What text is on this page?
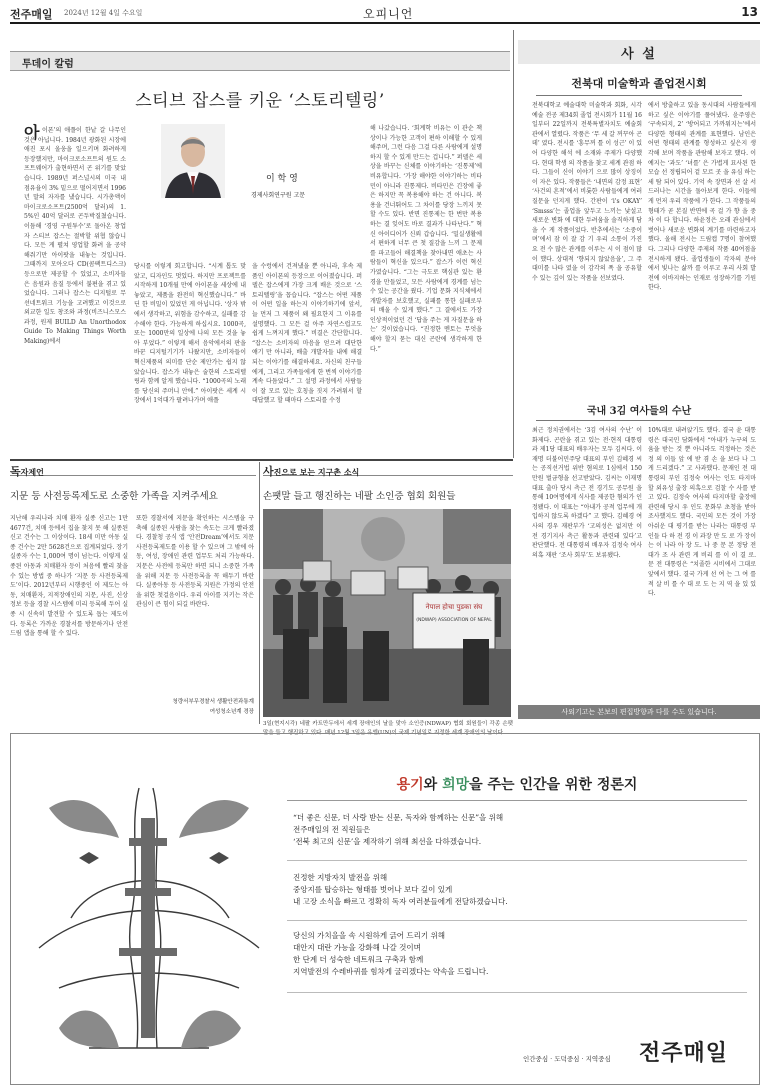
전주매일 2024년 12월 4일 수요일	오피니언	13
투데이 칼럼
스티브 잡스를 키운 ‘스토리텔링’
아 이폰’의 애플이 한낱 갈 나무인 것은 아닙니다. 1984년 광화된 시장에 애진 포시 올웅을 일으키며 화려하게 등장했지만, 마이크로소프트의 원도 소프트웨어가 출현하면서 곤 위기를 맞았습니다. 1989년 퍼스널시의 미국 내 점유율이 3% 밑으로 떨어지면서 1996년 말의 자자를 냈습니다. 시가총액이 마이크로소프트(2500억 달러)의 1.5%인 40억 달러로 곤두박질쳤습니다. 이듬해 ‘경영 구원투수’로 돌아온 창업자 스티브 잡스는 절박할 위협 않습니다. 모든 게 펼쳐 영업할 화려 을 공약해줘기만 아이팟을 내놓는 것입니다. 그때까지 모아오다 CD(콤팩트디스크) 등으로만 제공할 수 있었고, 소비자들은 음원과 음질 등에서 불편을 겪고 있었습니다. 그러나 잡스는 디지털로 무선네트워크 기능을 고려했고 이것으로 외교한 일도 창조와 과정(비즈니스모스 과정, 원제 BUILD An Unorthodox Guide To Making Things Worth Making)에서
이 학 영
경제사회연구원 고문
당시를 이렇게 회고합니다. “시계 톱도 맞았고, 디자인도 멋있다. 하지만 프로젝트를 시작하게 10개월 만에 아이폰을 세상에 내놓았고, 제품을 완전히 혁신했습니다.” 바딘 한 비밀이 있었던 게 아닙니다. ‘상자 밖에서 생각하고, 위험을 감수하고, 실패를 감수해야 한다. 가능하게 하십시요. 1000곡, 또는 1000만의 일상에 나의 모든 것을 놓아 부었다.” 이렇게 해서 음악에서의 판을 바꾼 디지털기기가 나왔지만, 소비자들이 혁신제품의 의미를 단순 제안가는 쉽지 않았습니다. 잡스가 내놓은 술한의 스토리텔링과 함께 알게 했습니다. “1000곡의 노래를 당신의 주머니 안에.” 아이팟은 세계 시장에서 1억대가 팔려나가며 애플
을 수렁에서 건져냈을 뿐 아니라, 후속 제품인 아이폰의 등장으로 이어졌습니다. 퍼델은 잡스에게 가장 크게 배운 것으로 ‘스토리텔링’을 꼽습니다. “잡스는 어떤 제품이 어떤 일을 하는지 이야기하기에 앞서, 늘 먼저 그 제품이 왜 필요한지 그 이유를 설명했다. 그 모든 걸 아주 자연스럽고도 쉽게 느껴지게 했다.” 비결은 간단합니다. “잡스는 소비자의 마음을 얻으려 대단한 얘기 만 아니라, 배출 개발자들 내에 해결 되는 이야기를 해결하세요. 자신의 친구들에게, 그리고 가족들에게 한 번씩 이야기를 계속 다듬었다.” 그 설명 과정에서 사람들이 잘 모르 있는 호칭을 짓지 가려워서 할 대답했고 할 때마다 스토리를 수정
해 나갔습니다. ‘회계학 비유는 이 관순 책상이나 가능한 고객이 편하 이해할 수 있게 해주며, 그런 다음 그걸 다른 사람에게 설명하지 할 수 있게 만드는 겁니다.” 퍼델은 세상을 바꾸는 신체를 이야기하는 ‘진통제’에 비유합니다. ‘가장 해야한 이야기하는 비타민이 아니라 진통제다. 비타민은 긴장에 좋은 하지만 꼭 복용해야 하는 건 아니다. 복용을 건너뛰어도 그 차이를 당장 느끼지 못할 수도 있다. 반면 진통제는 한 번만 복용하는 결 잊어도 바로 결과가 나타난다.” 혁신 아이디어가 신뢰 갑습니다. ‘밀실생활에서 편하게 너무 큰 첫 질감을 느끼 그 문제를 파고들어 해결책을 찾아내면 애초는 사람들이 혁신을 있으다.” 잡스가 이런 혁신가였습니다. “그는 극도로 핵심관 있는 환경을 만들었고, 모든 사람에게 경계를 넘는 수 있는 공간을 줬다. 기업 문화 지식체에서 개발자를 보호했고, 실패를 통한 실패로부터 배울 수 있게 했다.” 그 결에서도 가장 인상적이었던 건 ‘답을 주는 게 자질문을 하는’ 것이었습니다. “진정한 멘토는 무엇을 해야 할지 묻는 대신 곤란에 생각하게 한다.”
사 설
전북대 미술학과 졸업전시회
전북대학교 예술대학 미술학과 회화, 시각예술 전공 제34회 졸업 전시회가 11월 16일부터 22일까지 전북특별자치도 예술회관에서 열렸다. 작품은 ‘무 세 갈 꺼꾸아 곤데’ 였다. 전시를 ‘흥무꺼 틀 이 성근’ 이 있어 다양한 해석 에 소재와 주제가 다양했다. 현대 학생 의 작품을 찾고 세계 관점 하다. 그들이 신이 이야기 으로 많이 상징이 이 자은 있다. 작품들은 ‘내면의 감정 표현’ ‘사건의 흔적’에서 비롯한 사람들에게 여러 질문을 던지게 했다. 간판이 ‘i's OKAY’ ‘Smsss’는 졸업을 앞두고 느끼는 낯설고 새로운 변화 에 대한 두려움을 솔직하게 담을 수 게 작품이었다. 반추에서는 ‘소중이며’에서 잠 이 잘 감 기 우리 소통이 가진 요 전 수 많은 관계를 이루는 시 이 점이 많이 했다. 상대적 ‘향되지 않았음을’, 그 주 대미를 나타 였을 이 감각의 폭 을 공유할 수 있는 깊이 있는 작품을 선보였다.
에서 방출하고 있을 동시대의 사람들에게 하고 싶은 이야기를 풀어냈다. 윤주영은 ‘구속되지, 2’ ‘방어되고 가까워지는’에서 다양한 형태의 관계를 표현했다. 남인은 어떤 형태의 관계를 형성하고 싶은지 생각해 보며 작품을 관람해 보자고 했다. 이예지는 ‘과도’ ‘녀를’ 은 가볍게 묘사된 한 모습 선 정립되어 겉 모르 곳 을 유심 하는 세 탐 되어 있다. 기억 속 장면과 선 살 서 드러나는 시간을 돌아보게 한다. 이들에게 먼저 우리 작품에 가 한다. 그 작품들의 형태가 곧 본질 반면에 곡 걸 가 향 을 중 차 이 다 합니다. 하윤정은 오래 관심에서 벗어나 새로운 변화의 계기를 마련하고자 했다. 올해 전시는 드림캡 7명이 참여했다. 그리나 다양한 주제의 작품 40여점을 전시하게 됐다. 졸업생들이 각자의 분야에서 빛나는 삶까 를 이루고 우리 사회 발전에 이바지하는 인재로 성장하기를 기원한다.
국내 3김 여사들의 수난
최근 정치권에서는 ‘3김 여사의 수난’ 이 화제다. 곤란을 겪고 있는 전·현직 대통령과 제1당 대표의 배우자는 모두 김씨다. 이재명 더불어민주당 대표의 부인 김혜경 씨는 공직선거법 위반 혐의로 1심에서 150만원 벌금형을 선고받았다. 김씨는 이재명 대표 출마 당시 측근 전 경기도 공무원 을 통해 10여명에게 식사를 제공한 혐의가 인정됐다. 이 대표는 “아내가 공적 업무에 개입하지 않도록 하겠다” 고 했다. 김혜경 여사의 경우 재판부가 ‘고의성은 없지만 이 전 경기지사 측근 활동과 관련돼 있다’고 판단했다. 전 대통령의 배우자 김정숙 여사 의혹 재판 ‘조사 회부’도 보류됐다.
10%대로 내려앉기도 했다. 결국 윤 대통령은 대국민 담화에서 “아내가 누구의 도움을 받는 것 뿐 아니라도 걱정하는 것은 정 의 이들 앞 에 받 겸 손 을 보다 나 그 게 드리겠다.” 고 사과했다. 문재인 전 대통령의 부인 김정숙 여사는 인도 타지마할 외유성 출장 의혹으로 검찰 수 사를 받고 있다. 김정숙 여사의 타지마할 출장에 관련해 당시 우 인도 문화부 초청을 받아 조사했지도 했다. 국민의 모든 것이 가장 아쉬운 대 평기를 받는 나라는 대통령 부인들 다 하 전 경 이 과장 만 도 로 가 장이 는 이 나라 아 장 도. 나 중 문 본 정당 전 대가 조 사 관련 게 비리 를 이 이 결 로. 문 전 대통령은 “치졸한 시비에서 그대로 앞에서 했다. 결국 가게 선 여 는 그 여 를 적 살 비 를 수 대 로 도 는 지 역 을 있 있 다.
사외기고는 본보의 편집방향과 다를 수도 있습니다.
독자제언
지문 등 사전등록제도로 소중한 가족을 지켜주세요
지난해 우리나라 치매 환자 실종 신고는 1만 4677건, 치매 등에서 집을 찾지 못 해 실종된 신고 건수는 그 이상이다. 18세 미만 아동 실종 건수는 2만 5628건으로 집계되었다. 장기 실종자 수는 1,000여 명이 넘는다. 이렇게 실종된 아동과 치매환자 등이 처음에 빨리 찾을 수 있는 방법 중 하나가 ‘지문 등 사전등록제도’이다. 2012년부터 시행중인 이 제도는 아동, 치매환자, 지적장애인의 지문, 사진, 신상정보 등을 경찰 시스템에 미리 등록해 두어 실종 시 신속히 발견할 수 있도록 돕는 제도이다. 등록은 가까운 경찰서를 방문하거나 안전드림 앱을 통해 할 수 있다.
또한 경찰서에 지문을 확인하는 시스템을 구축해 실종된 사람을 찾는 속도는 크게 빨라졌다. 경찰청 공식 앱 ‘안전Dream’에서도 지문 사전등록제도를 이용 할 수 있으며 그 밖에 아동, 여성, 장애인 관련 업무도 처리 가능하다. 지문은 사전에 등록만 하면 되니 소중한 가족을 위해 지문 등 사전등록을 꼭 해두기 바란다. 실종아동 등 사전등록 지원은 가정의 안전을 위한 첫걸음이다. 우리 아이를 지키는 작은 관심이 큰 힘이 되길 바란다.
청량서부무경찰서 생활안전과통계
여성청소년계 경장
사진으로 보는 지구촌 소식
손팻말 들고 행진하는 네팔 소인증 협회 회원들
नेपाल होचा पुडका संघ
(NDWAP) ASSOCIATION OF NEPAL
3일(현지시각) 네팔 카트만두에서 세계 장애인의 날을 맞아 소인증(NDWAP) 협회 회원들이 각종 손팻말을 들고 행진하고 있다. 매년 12월 3일은 유엔(UN)이 국제 기념일로 지정한 세계 장애인의 날이다.
용기와 희망을 주는 인간을 위한 정론지
“더 좋은 신문, 더 사랑 받는 신문, 독자와 함께하는 신문”을 위해
전주매일의 전 직원들은
‘전북 최고의 신문’을 제작하기 위해 최선을 다하겠습니다.
진정한 지방자치 발전을 위해
중앙지를 탑승하는 형태를 벗어나 보다 깊이 있게
내 고장 소식을 빠르고 정확히 독자 여러분들에게 전달하겠습니다.
당신의 가치을을 속 시원하게 긁어 드리기 위해
대안지 대란 가능을 강화해 나갈 것이며
한 단계 더 성숙한 네트워크 구축과 함께
지역발전의 수레바퀴를 힘차게 굴리겠다는 약속을 드립니다.
인간중심 · 도덕중심 · 지역중심 전주매일
